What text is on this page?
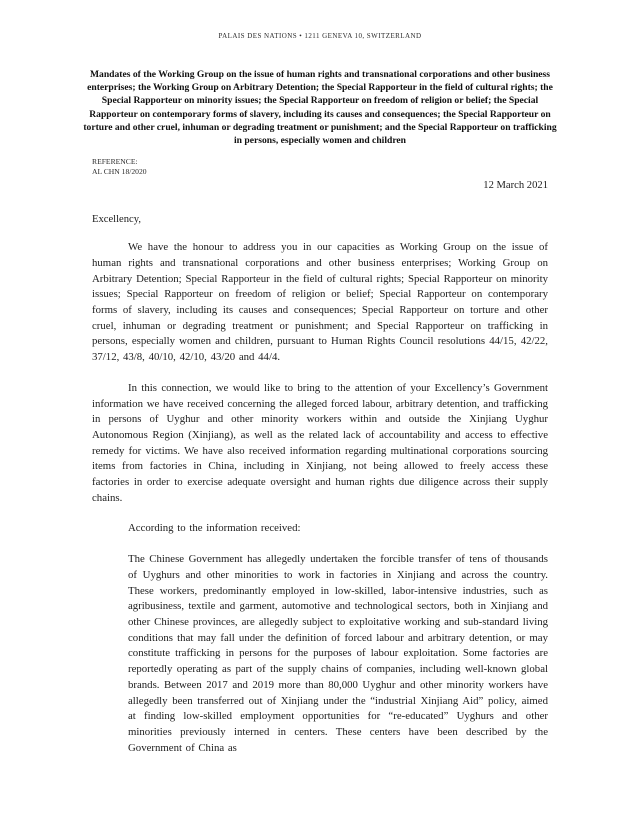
PALAIS DES NATIONS • 1211 GENEVA 10, SWITZERLAND
Mandates of the Working Group on the issue of human rights and transnational corporations and other business enterprises; the Working Group on Arbitrary Detention; the Special Rapporteur in the field of cultural rights; the Special Rapporteur on minority issues; the Special Rapporteur on freedom of religion or belief; the Special Rapporteur on contemporary forms of slavery, including its causes and consequences; the Special Rapporteur on torture and other cruel, inhuman or degrading treatment or punishment; and the Special Rapporteur on trafficking in persons, especially women and children
REFERENCE:
AL CHN 18/2020
12 March 2021
Excellency,

We have the honour to address you in our capacities as Working Group on the issue of human rights and transnational corporations and other business enterprises; Working Group on Arbitrary Detention; Special Rapporteur in the field of cultural rights; Special Rapporteur on minority issues; Special Rapporteur on freedom of religion or belief; Special Rapporteur on contemporary forms of slavery, including its causes and consequences; Special Rapporteur on torture and other cruel, inhuman or degrading treatment or punishment; and Special Rapporteur on trafficking in persons, especially women and children, pursuant to Human Rights Council resolutions 44/15, 42/22, 37/12, 43/8, 40/10, 42/10, 43/20 and 44/4.

In this connection, we would like to bring to the attention of your Excellency’s Government information we have received concerning the alleged forced labour, arbitrary detention, and trafficking in persons of Uyghur and other minority workers within and outside the Xinjiang Uyghur Autonomous Region (Xinjiang), as well as the related lack of accountability and access to effective remedy for victims. We have also received information regarding multinational corporations sourcing items from factories in China, including in Xinjiang, not being allowed to freely access these factories in order to exercise adequate oversight and human rights due diligence across their supply chains.

According to the information received:

The Chinese Government has allegedly undertaken the forcible transfer of tens of thousands of Uyghurs and other minorities to work in factories in Xinjiang and across the country. These workers, predominantly employed in low-skilled, labor-intensive industries, such as agribusiness, textile and garment, automotive and technological sectors, both in Xinjiang and other Chinese provinces, are allegedly subject to exploitative working and sub-standard living conditions that may fall under the definition of forced labour and arbitrary detention, or may constitute trafficking in persons for the purposes of labour exploitation. Some factories are reportedly operating as part of the supply chains of companies, including well-known global brands. Between 2017 and 2019 more than 80,000 Uyghur and other minority workers have allegedly been transferred out of Xinjiang under the “industrial Xinjiang Aid” policy, aimed at finding low-skilled employment opportunities for “re-educated” Uyghurs and other minorities previously interned in centers. These centers have been described by the Government of China as
